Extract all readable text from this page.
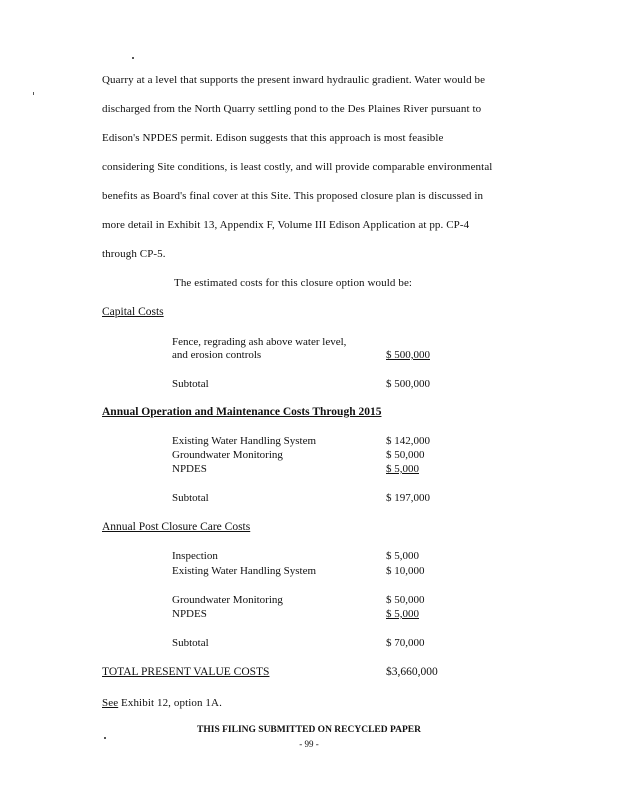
Quarry at a level that supports the present inward hydraulic gradient. Water would be
discharged from the North Quarry settling pond to the Des Plaines River pursuant to
Edison's NPDES permit. Edison suggests that this approach is most feasible
considering Site conditions, is least costly, and will provide comparable environmental
benefits as Board's final cover at this Site. This proposed closure plan is discussed in
more detail in Exhibit 13, Appendix F, Volume III Edison Application at pp. CP-4
through CP-5.
The estimated costs for this closure option would be:
Capital Costs
Fence, regrading ash above water level,
and erosion controls	$ 500,000
Subtotal	$ 500,000
Annual Operation and Maintenance Costs Through 2015
Existing Water Handling System	$ 142,000
Groundwater Monitoring	$ 50,000
NPDES	$ 5,000
Subtotal	$ 197,000
Annual Post Closure Care Costs
Inspection	$ 5,000
Existing Water Handling System	$ 10,000
Groundwater Monitoring	$ 50,000
NPDES	$ 5,000
Subtotal	$ 70,000
TOTAL PRESENT VALUE COSTS	$3,660,000
See Exhibit 12, option 1A.
THIS FILING SUBMITTED ON RECYCLED PAPER
- 99 -
